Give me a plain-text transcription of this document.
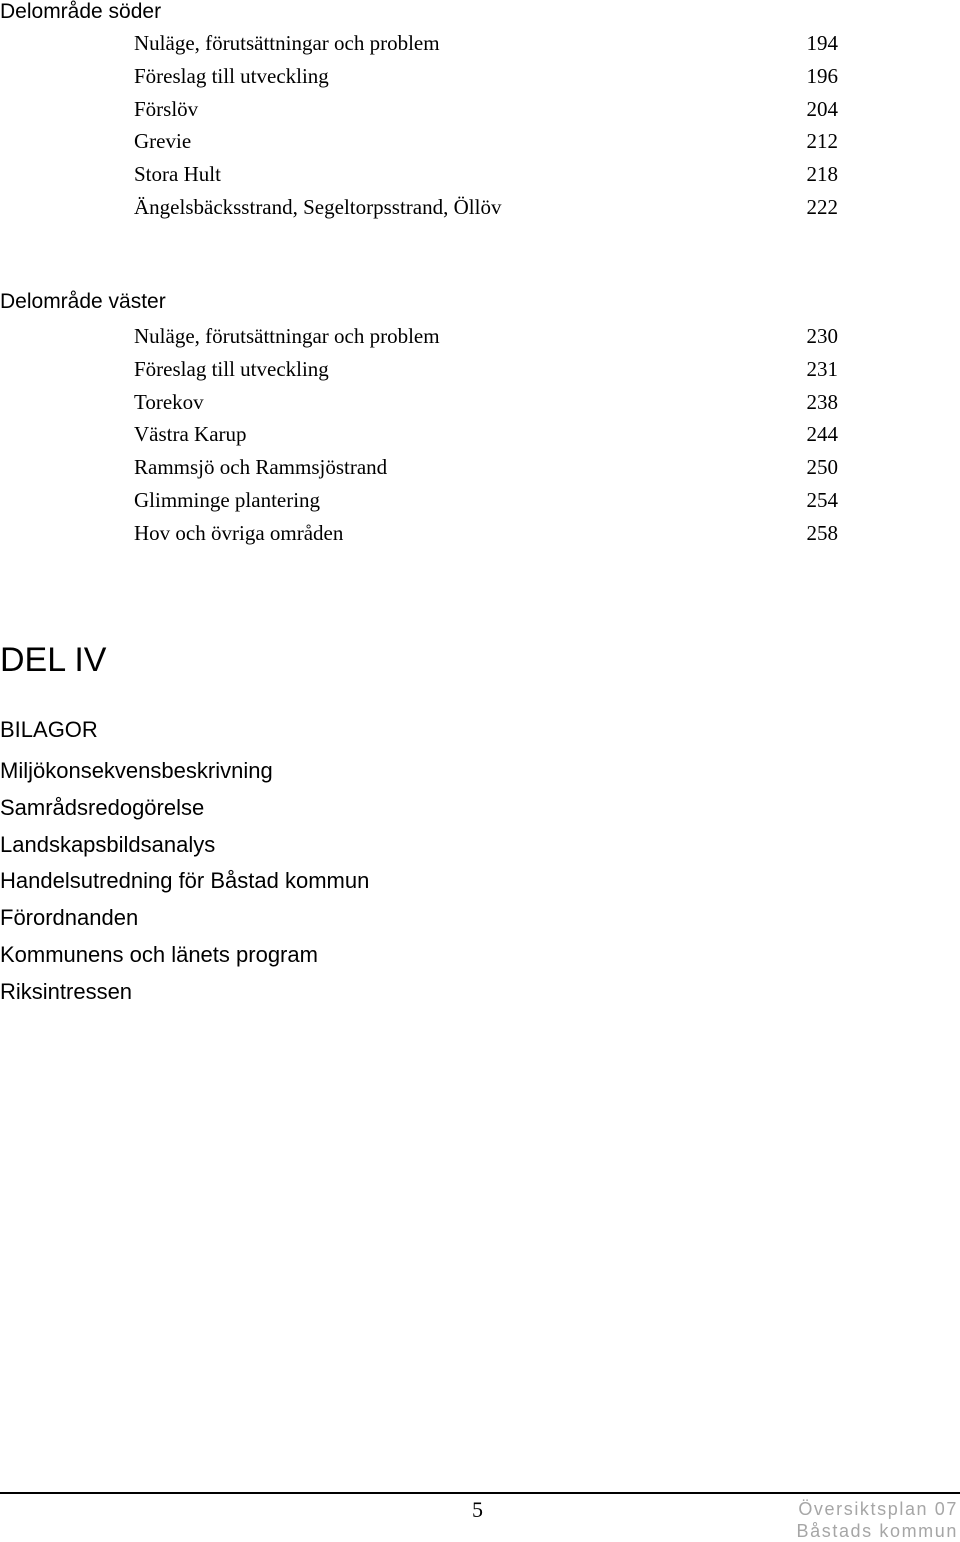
Delområde söder
Nuläge, förutsättningar och problem	194
Föreslag till utveckling	196
Förslöv	204
Grevie	212
Stora Hult	218
Ängelsbäcksstrand, Segeltorpsstrand, Öllöv	222
Delområde väster
Nuläge, förutsättningar och problem	230
Föreslag till utveckling	231
Torekov	238
Västra Karup	244
Rammsjö och Rammsjöstrand	250
Glimminge plantering	254
Hov och övriga områden	258
DEL IV
BILAGOR
Miljökonsekvensbeskrivning
Samrådsredogörelse
Landskapsbildsanalys
Handelsutredning för Båstad kommun
Förordnanden
Kommunens och länets program
Riksintressen
5	Översiktsplan 07
Båstads kommun
